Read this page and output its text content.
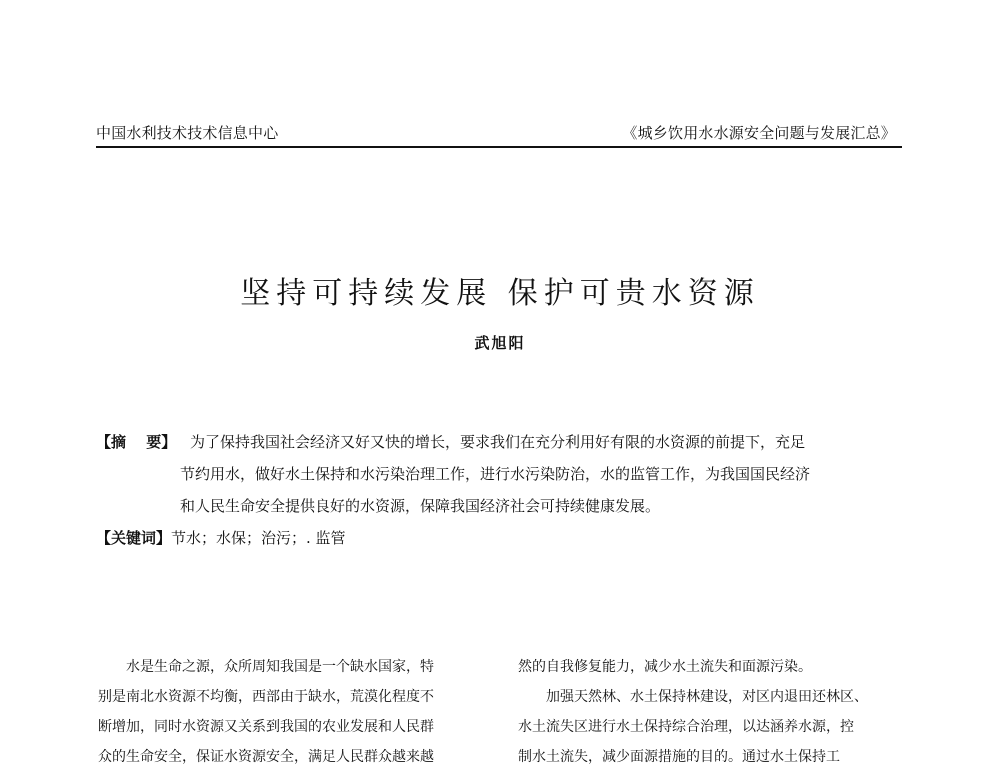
中国水利技术技术信息中心	《城乡饮用水水源安全问题与发展汇总》
坚持可持续发展 保护可贵水资源
武旭阳
【摘　 要】 为了保持我国社会经济又好又快的增长，要求我们在充分利用好有限的水资源的前提下，充足
节约用水，做好水土保持和水污染治理工作，进行水污染防治，水的监管工作，为我国国民经济
和人民生命安全提供良好的水资源，保障我国经济社会可持续健康发展。
【关键词】节水；水保；治污；. 监管
水是生命之源，众所周知我国是一个缺水国家，特
别是南北水资源不均衡，西部由于缺水，荒漠化程度不
断增加，同时水资源又关系到我国的农业发展和人民群
众的生命安全，保证水资源安全，满足人民群众越来越
然的自我修复能力，减少水土流失和面源污染。
加强天然林、水土保持林建设，对区内退田还林区、
水土流失区进行水土保持综合治理，以达涵养水源，控
制水土流失，减少面源措施的目的。通过水土保持工
